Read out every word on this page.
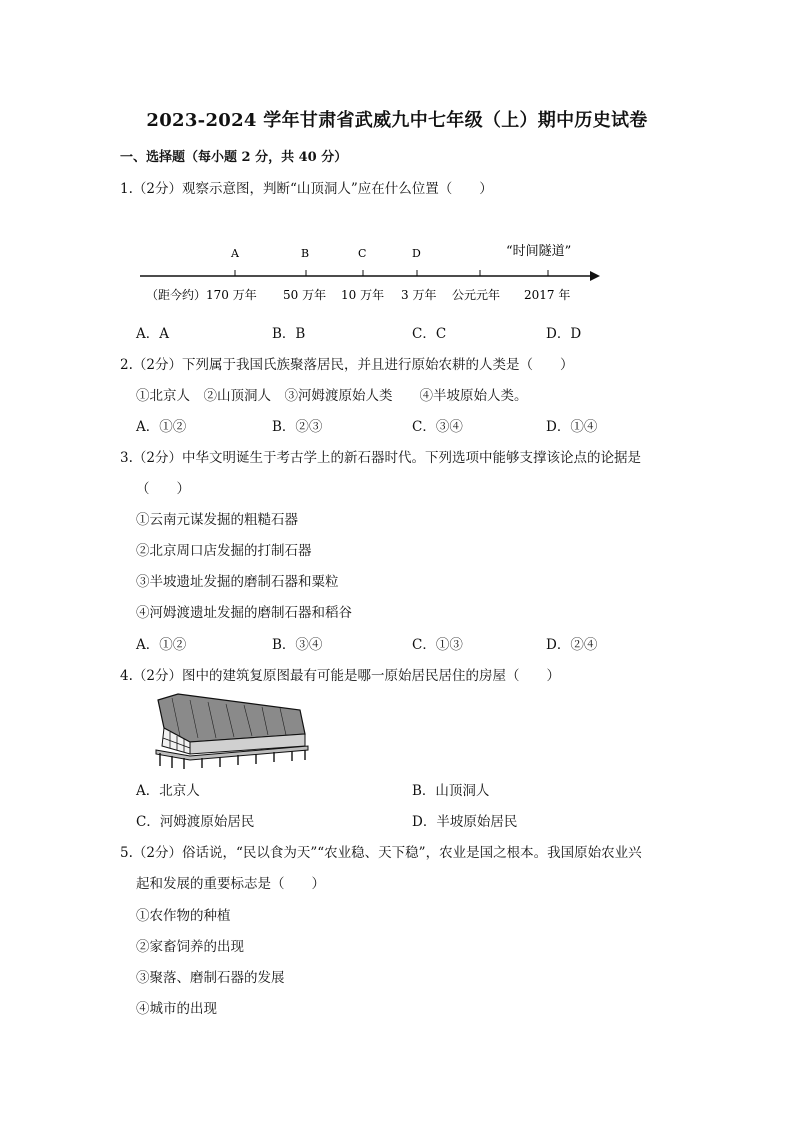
2023-2024 学年甘肃省武威九中七年级（上）期中历史试卷
一、选择题（每小题 2 分，共 40 分）
1.（2分）观察示意图，判断“山顶洞人”应在什么位置（　　）
A	B	C	D	“时间隧道”
（距今约）170 万年 50 万年 10 万年 3 万年 公元元年 2017 年
A．A	B．B	C．C	D．D
2.（2分）下列属于我国氏族聚落居民，并且进行原始农耕的人类是（　　）
①北京人　②山顶洞人　③河姆渡原始人类　　④半坡原始人类。
A．①②	B．②③	C．③④	D．①④
3.（2分）中华文明诞生于考古学上的新石器时代。下列选项中能够支撑该论点的论据是
（　　）
①云南元谋发掘的粗糙石器
②北京周口店发掘的打制石器
③半坡遗址发掘的磨制石器和粟粒
④河姆渡遗址发掘的磨制石器和稻谷
A．①②	B．③④	C．①③	D．②④
4.（2分）图中的建筑复原图最有可能是哪一原始居民居住的房屋（　　）
A．北京人	B．山顶洞人
C．河姆渡原始居民	D．半坡原始居民
5.（2分）俗话说，“民以食为天”“农业稳、天下稳”，农业是国之根本。我国原始农业兴
起和发展的重要标志是（　　）
①农作物的种植
②家畜饲养的出现
③聚落、磨制石器的发展
④城市的出现
